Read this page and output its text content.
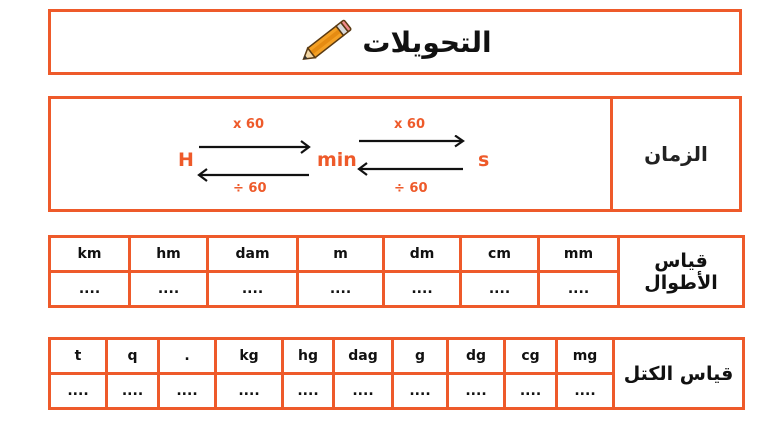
التحويلات
الزمان
H	min	s
x 60	x 60
÷ 60	÷ 60
km	hm	dam	m	dm	cm	mm	قياس الأطوال
....	....	....	....	....	....	....	
t	q	.	kg	hg	dag	g	dg	cg	mg	قياس الكتل
....	....	....	....	....	....	....	....	....	....	
